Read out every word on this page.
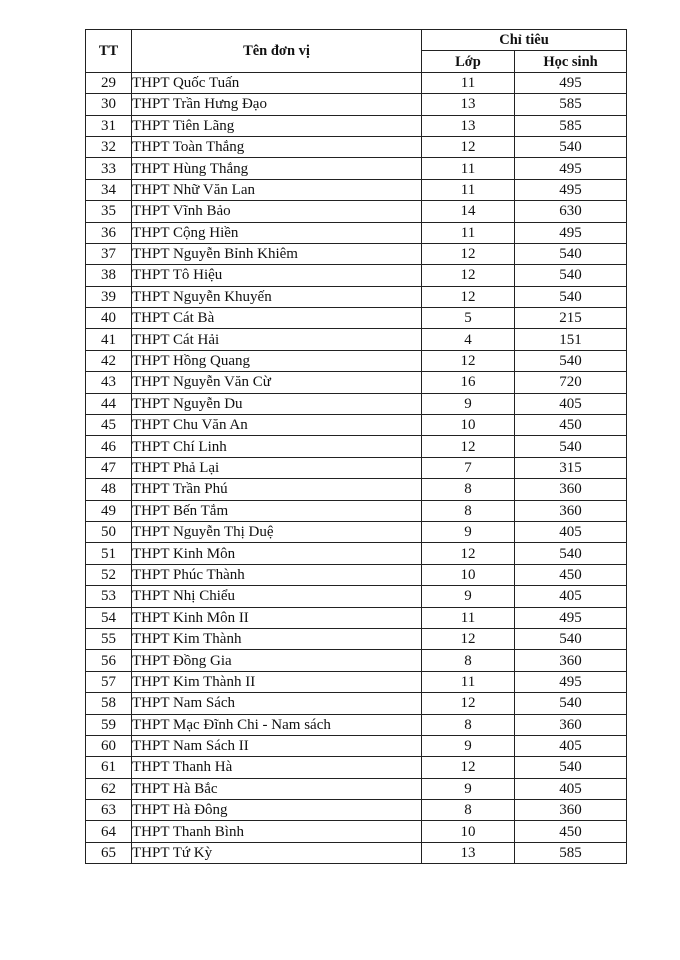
TT	Tên đơn vị	Chỉ tiêu	
		Lớp	Học sinh
29	THPT Quốc Tuấn	11	495
30	THPT Trần Hưng Đạo	13	585
31	THPT Tiên Lãng	13	585
32	THPT Toàn Thắng	12	540
33	THPT Hùng Thắng	11	495
34	THPT Nhữ Văn Lan	11	495
35	THPT Vĩnh Bảo	14	630
36	THPT Cộng Hiền	11	495
37	THPT Nguyễn Bỉnh Khiêm	12	540
38	THPT Tô Hiệu	12	540
39	THPT Nguyễn Khuyến	12	540
40	THPT Cát Bà	5	215
41	THPT Cát Hải	4	151
42	THPT Hồng Quang	12	540
43	THPT Nguyễn Văn Cừ	16	720
44	THPT Nguyễn Du	9	405
45	THPT Chu Văn An	10	450
46	THPT Chí Linh	12	540
47	THPT Phả Lại	7	315
48	THPT Trần Phú	8	360
49	THPT Bến Tắm	8	360
50	THPT Nguyễn Thị Duệ	9	405
51	THPT Kinh Môn	12	540
52	THPT Phúc Thành	10	450
53	THPT Nhị Chiểu	9	405
54	THPT Kinh Môn II	11	495
55	THPT Kim Thành	12	540
56	THPT Đồng Gia	8	360
57	THPT Kim Thành II	11	495
58	THPT Nam Sách	12	540
59	THPT Mạc Đĩnh Chi - Nam sách	8	360
60	THPT Nam Sách II	9	405
61	THPT Thanh Hà	12	540
62	THPT Hà Bắc	9	405
63	THPT Hà Đông	8	360
64	THPT Thanh Bình	10	450
65	THPT Tứ Kỳ	13	585
